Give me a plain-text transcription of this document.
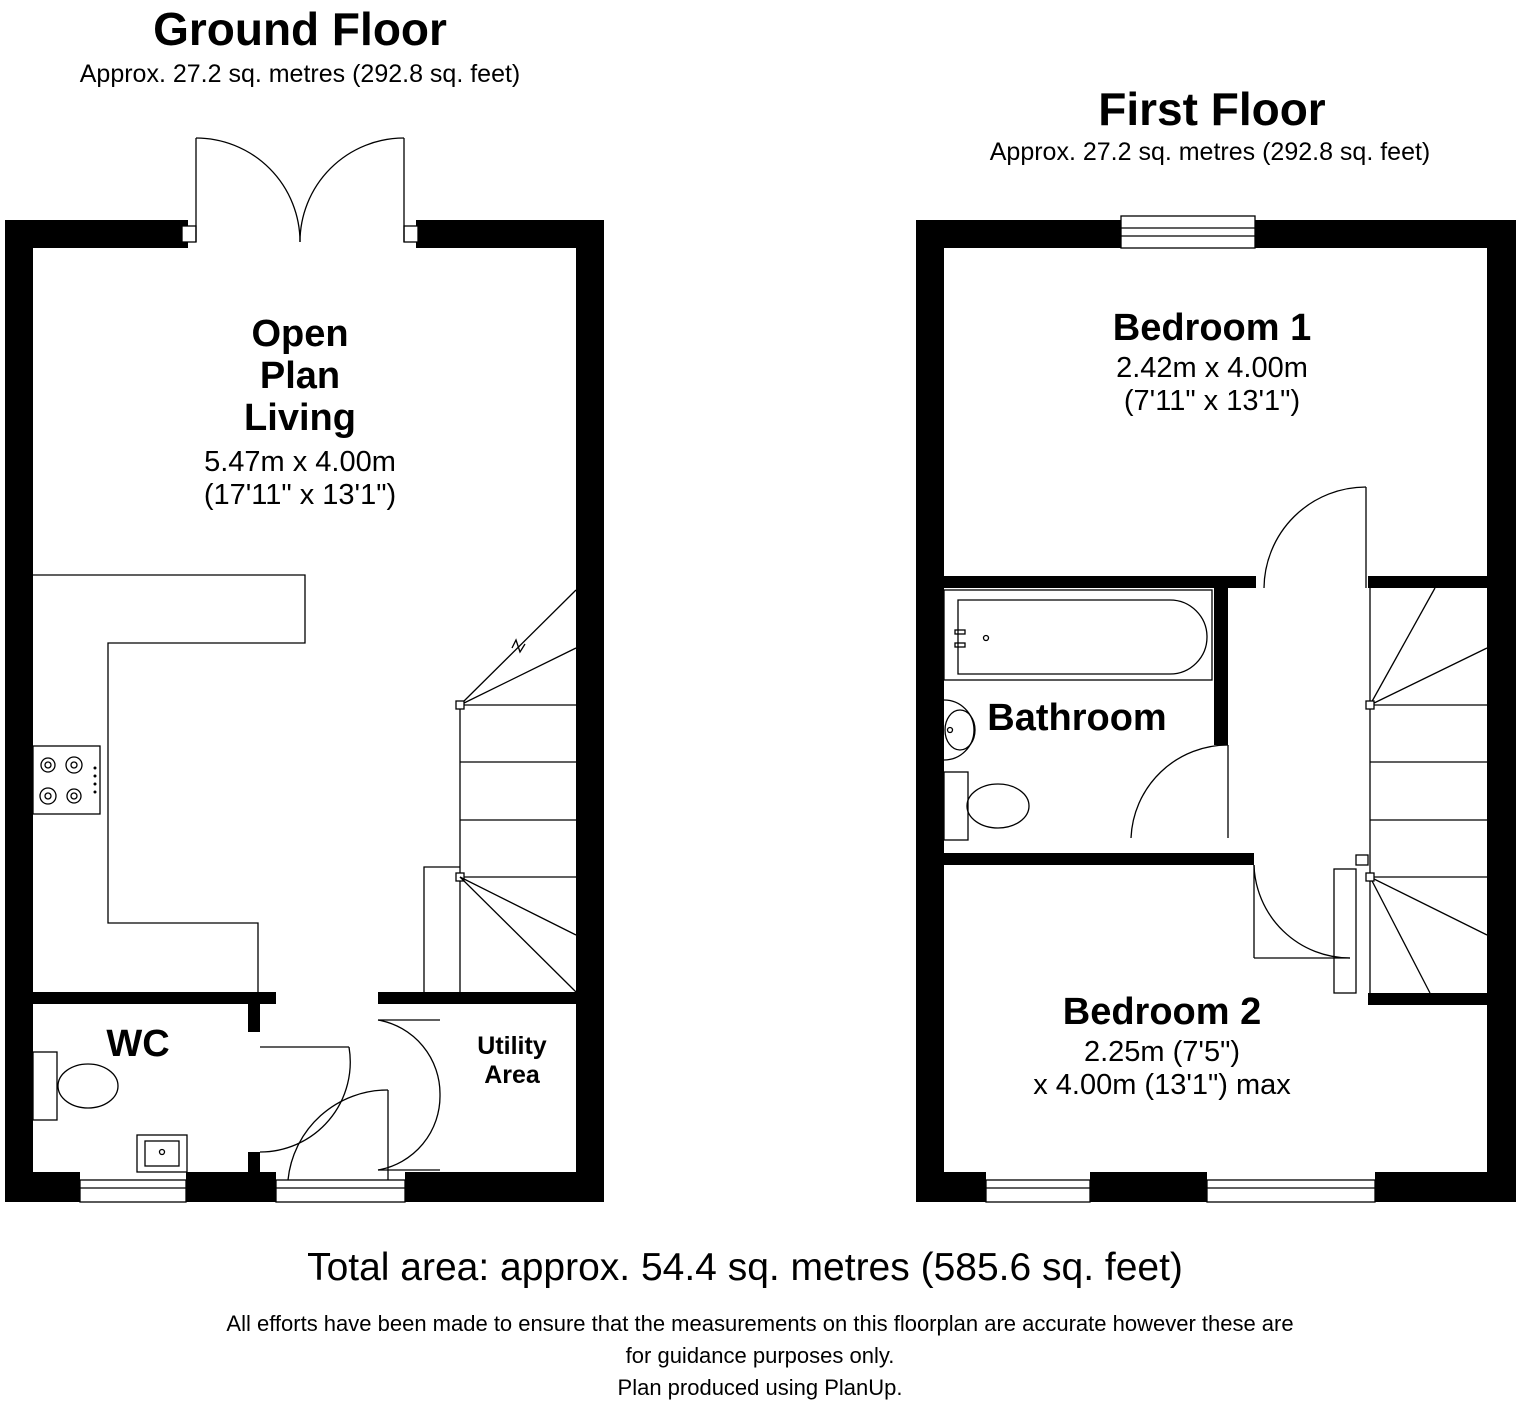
Ground Floor
Approx. 27.2 sq. metres (292.8 sq. feet)
First Floor
Approx. 27.2 sq. metres (292.8 sq. feet)
Open
Plan
Living
5.47m x 4.00m
(17'11" x 13'1")
WC	Utility
Area
Bedroom 1
2.42m x 4.00m
(7'11" x 13'1")
Bathroom
Bedroom 2
2.25m (7'5")
x 4.00m (13'1") max
Total area: approx. 54.4 sq. metres (585.6 sq. feet)
All efforts have been made to ensure that the measurements on this floorplan are accurate however these are
for guidance purposes only.
Plan produced using PlanUp.
